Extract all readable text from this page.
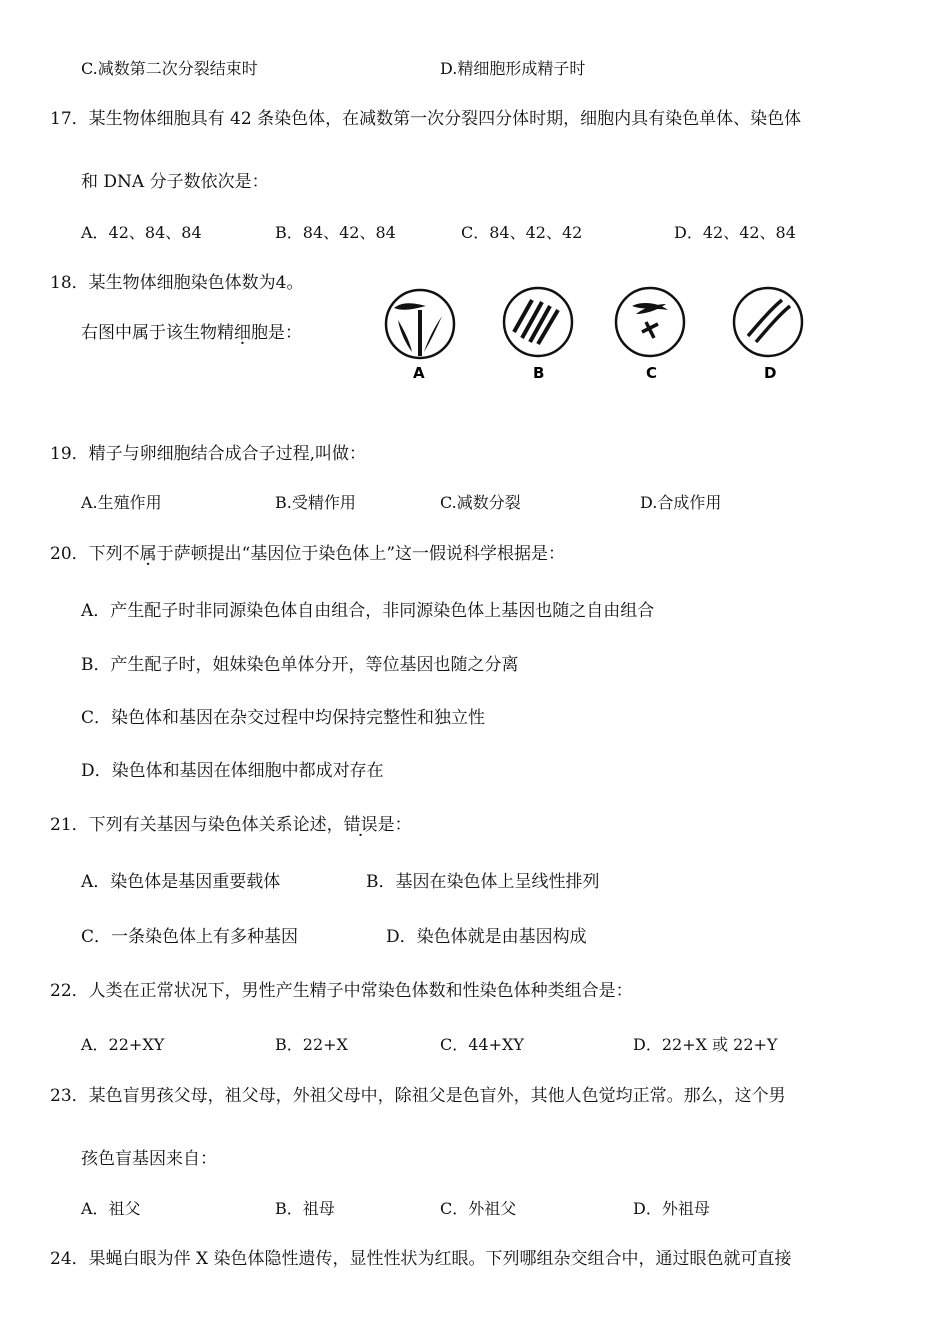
C.减数第二次分裂结束时	D.精细胞形成精子时
17．某生物体细胞具有 42 条染色体，在减数第一次分裂四分体时期，细胞内具有染色单体、染色体
和 DNA 分子数依次是：
A．42、84、84	B．84、42、84	C．84、42、42	D．42、42、84
18．某生物体细胞染色体数为4。
右图中属于该生物精细胞是：
A	B	C	D
19．精子与卵细胞结合成合子过程,叫做：
A.生殖作用	B.受精作用	C.减数分裂	D.合成作用
20．下列不属于萨顿提出“基因位于染色体上”这一假说科学根据是：
A．产生配子时非同源染色体自由组合，非同源染色体上基因也随之自由组合
B．产生配子时，姐妹染色单体分开，等位基因也随之分离
C．染色体和基因在杂交过程中均保持完整性和独立性
D．染色体和基因在体细胞中都成对存在
21．下列有关基因与染色体关系论述，错误是：
A．染色体是基因重要载体	B．基因在染色体上呈线性排列
C．一条染色体上有多种基因	D．染色体就是由基因构成
22．人类在正常状况下，男性产生精子中常染色体数和性染色体种类组合是：
A．22+XY	B．22+X	C．44+XY	D．22+X 或 22+Y
23．某色盲男孩父母，祖父母，外祖父母中，除祖父是色盲外，其他人色觉均正常。那么，这个男
孩色盲基因来自：
A．祖父	B．祖母	C．外祖父	D．外祖母
24．果蝇白眼为伴 X 染色体隐性遗传，显性性状为红眼。下列哪组杂交组合中，通过眼色就可直接
